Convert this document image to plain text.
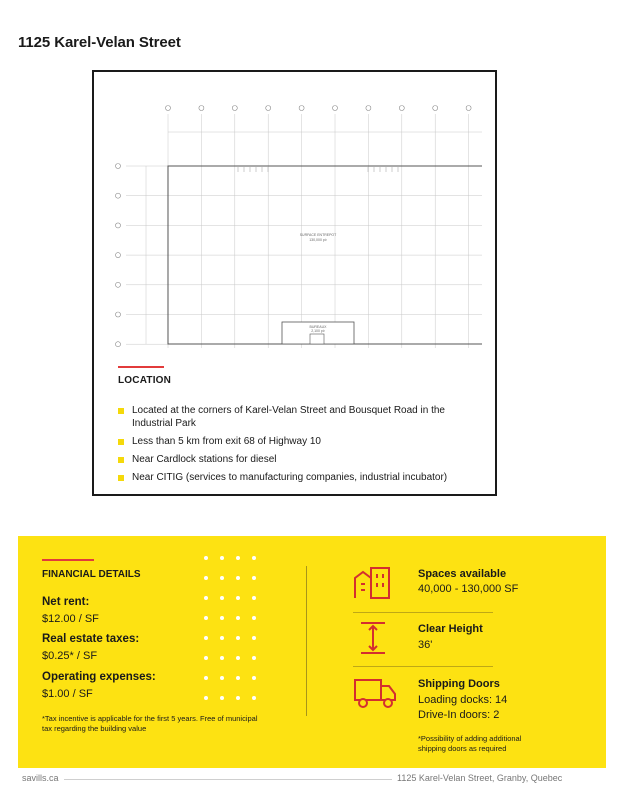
1125 Karel-Velan Street
SURFACE ENTREPOT
130,000 pi²
BUREAUX
2,100 pi²
LOCATION
Located at the corners of Karel-Velan Street and Bousquet Road in the Industrial Park
Less than 5 km from exit 68 of Highway 10
Near Cardlock stations for diesel
Near CITIG (services to manufacturing companies, industrial incubator)
FINANCIAL DETAILS
Net rent:
$12.00 / SF
Real estate taxes:
$0.25* / SF
Operating expenses:
$1.00 / SF
*Tax incentive is applicable for the first 5 years. Free of municipal tax regarding the building value
Spaces available
40,000 - 130,000 SF
Clear Height
36'
Shipping Doors
Loading docks: 14
Drive-In doors: 2
*Possibility of adding additional shipping doors as required
savills.ca	1125 Karel-Velan Street, Granby, Quebec
